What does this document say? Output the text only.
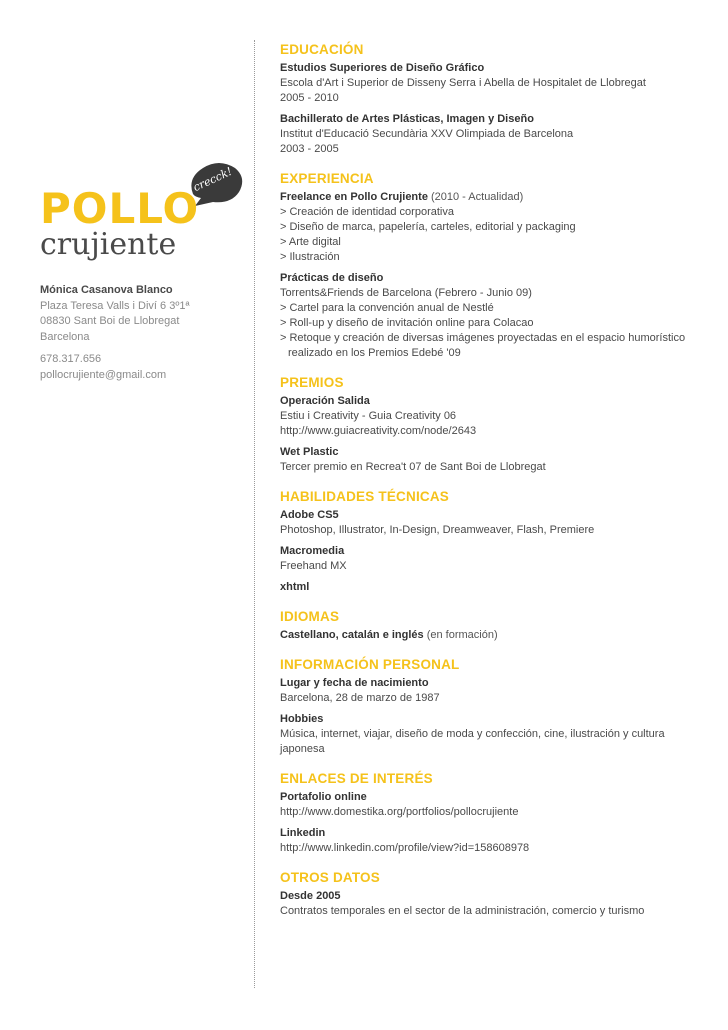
crecck!
POLLO
crujiente
Mónica Casanova Blanco
Plaza Teresa Valls i Diví 6 3º1ª
08830 Sant Boi de Llobregat
Barcelona
678.317.656
pollocrujiente@gmail.com
EDUCACIÓN
Estudios Superiores de Diseño Gráfico
Escola d'Art i Superior de Disseny Serra i Abella de Hospitalet de Llobregat
2005 - 2010
Bachillerato de Artes Plásticas, Imagen y Diseño
Institut d'Educació Secundària XXV Olimpiada de Barcelona
2003 - 2005
EXPERIENCIA
Freelance en Pollo Crujiente (2010 - Actualidad)
> Creación de identidad corporativa
> Diseño de marca, papelería, carteles, editorial y packaging
> Arte digital
> Ilustración
Prácticas de diseño
Torrents&Friends de Barcelona (Febrero - Junio 09)
> Cartel para la convención anual de Nestlé
> Roll-up y diseño de invitación online para Colacao
> Retoque y creación de diversas imágenes proyectadas en el espacio humorístico
realizado en los Premios Edebé '09
PREMIOS
Operación Salida
Estiu i Creativity - Guia Creativity 06
http://www.guiacreativity.com/node/2643
Wet Plastic
Tercer premio en Recrea't 07 de Sant Boi de Llobregat
HABILIDADES TÉCNICAS
Adobe CS5
Photoshop, Illustrator, In-Design, Dreamweaver, Flash, Premiere
Macromedia
Freehand MX
xhtml
IDIOMAS
Castellano, catalán e inglés (en formación)
INFORMACIÓN PERSONAL
Lugar y fecha de nacimiento
Barcelona, 28 de marzo de 1987
Hobbies
Música, internet, viajar, diseño de moda y confección, cine, ilustración y cultura
japonesa
ENLACES DE INTERÉS
Portafolio online
http://www.domestika.org/portfolios/pollocrujiente
Linkedin
http://www.linkedin.com/profile/view?id=158608978
OTROS DATOS
Desde 2005
Contratos temporales en el sector de la administración, comercio y turismo
